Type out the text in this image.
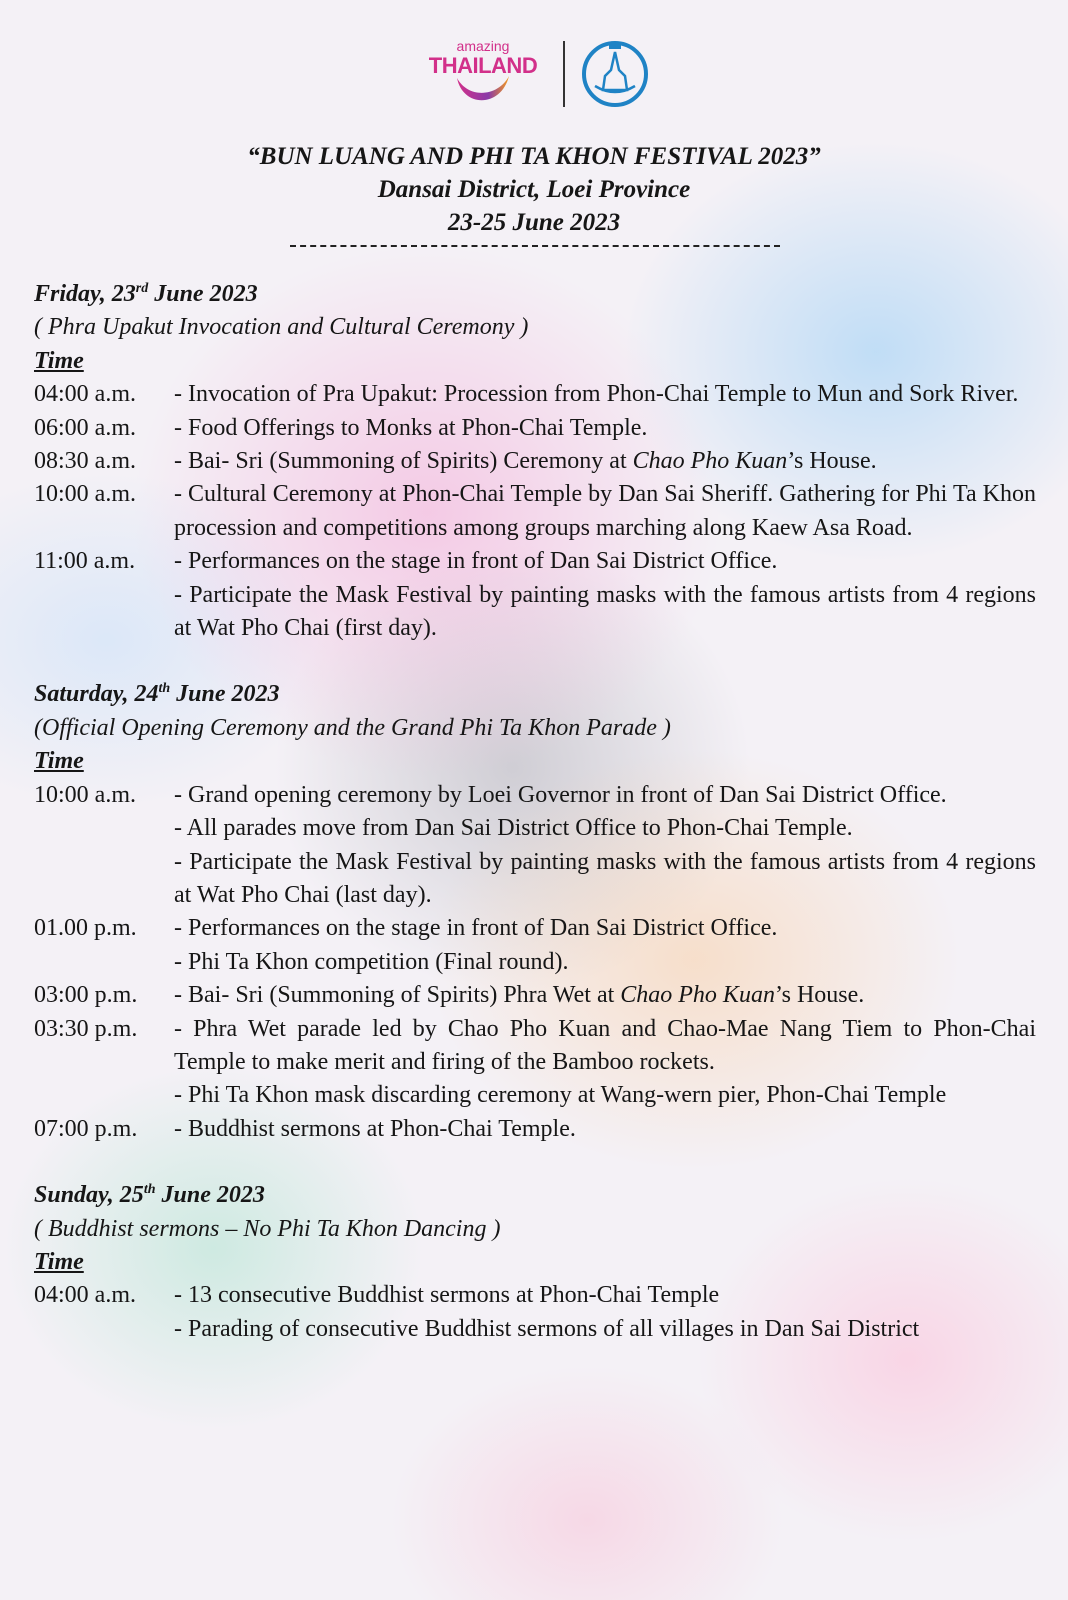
amazing
THAILAND
“BUN LUANG AND PHI TA KHON FESTIVAL 2023”
Dansai District, Loei Province
23-25 June 2023
Friday, 23rd June 2023
( Phra Upakut Invocation and Cultural Ceremony )
Time
04:00 a.m.	- Invocation of Pra Upakut: Procession from Phon-Chai Temple to Mun and Sork River.
06:00 a.m.	- Food Offerings to Monks at Phon-Chai Temple.
08:30 a.m.	- Bai- Sri (Summoning of Spirits) Ceremony at Chao Pho Kuan’s House.
10:00 a.m.	- Cultural Ceremony at Phon-Chai Temple by Dan Sai Sheriff. Gathering for Phi Ta Khon procession and competitions among groups marching along Kaew Asa Road.
11:00 a.m.	- Performances on the stage in front of Dan Sai District Office.
- Participate the Mask Festival by painting masks with the famous artists from 4 regions at Wat Pho Chai (first day).
Saturday, 24th June 2023
(Official Opening Ceremony and the Grand Phi Ta Khon Parade )
Time
10:00 a.m.	- Grand opening ceremony by Loei Governor in front of Dan Sai District Office.
- All parades move from Dan Sai District Office to Phon-Chai Temple.
- Participate the Mask Festival by painting masks with the famous artists from 4 regions at Wat Pho Chai (last day).
01.00 p.m.	- Performances on the stage in front of Dan Sai District Office.
- Phi Ta Khon competition (Final round).
03:00 p.m.	- Bai- Sri (Summoning of Spirits) Phra Wet at Chao Pho Kuan’s House.
03:30 p.m.	- Phra Wet parade led by Chao Pho Kuan and Chao-Mae Nang Tiem to Phon-Chai Temple to make merit and firing of the Bamboo rockets.
- Phi Ta Khon mask discarding ceremony at Wang-wern pier, Phon-Chai Temple
07:00 p.m.	- Buddhist sermons at Phon-Chai Temple.
Sunday, 25th June 2023
( Buddhist sermons – No Phi Ta Khon Dancing )
Time
04:00 a.m.	- 13 consecutive Buddhist sermons at Phon-Chai Temple
- Parading of consecutive Buddhist sermons of all villages in Dan Sai District
